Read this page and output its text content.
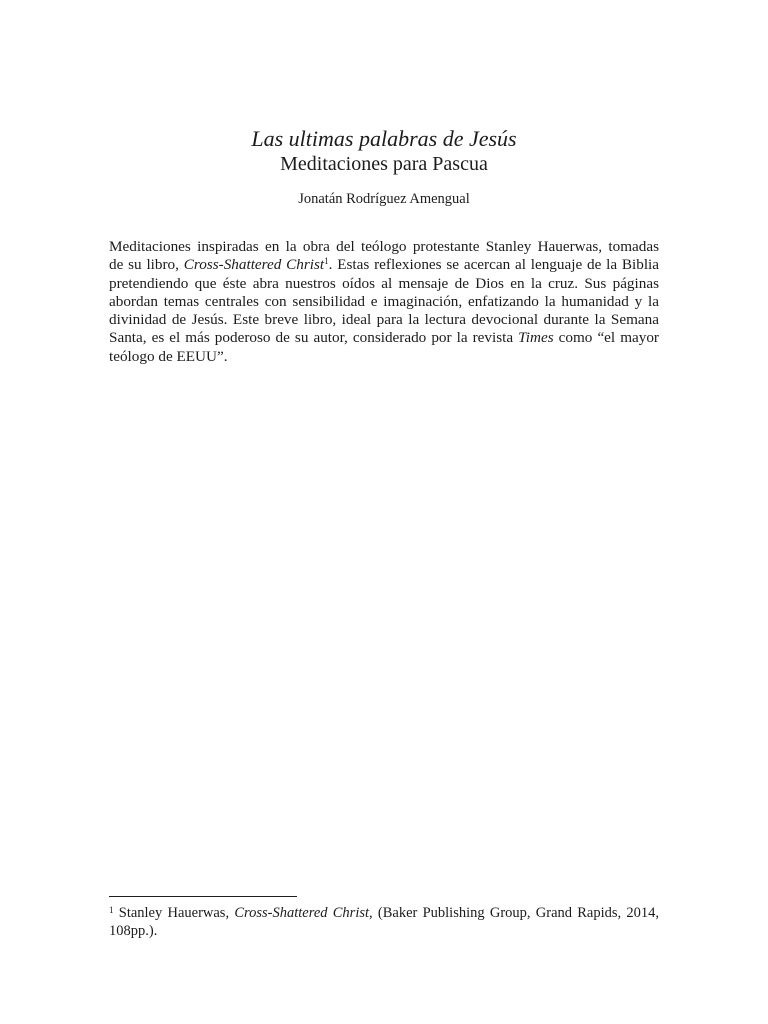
Las ultimas palabras de Jesús
Meditaciones para Pascua

Jonatán Rodríguez Amengual

Meditaciones inspiradas en la obra del teólogo protestante Stanley Hauerwas, tomadas
de su libro, Cross-Shattered Christ$^1$. Estas reflexiones se acercan al lenguaje de la Biblia
pretendiendo que éste abra nuestros oídos al mensaje de Dios en la cruz. Sus páginas
abordan temas centrales con sensibilidad e imaginación, enfatizando la humanidad y la
divinidad de Jesús. Este breve libro, ideal para la lectura devocional durante la Semana
Santa, es el más poderoso de su autor, considerado por la revista Times como “el mayor
teólogo de EEUU”.
$^1$ Stanley Hauerwas, Cross-Shattered Christ, (Baker Publishing Group, Grand Rapids, 2014,
108pp.).
